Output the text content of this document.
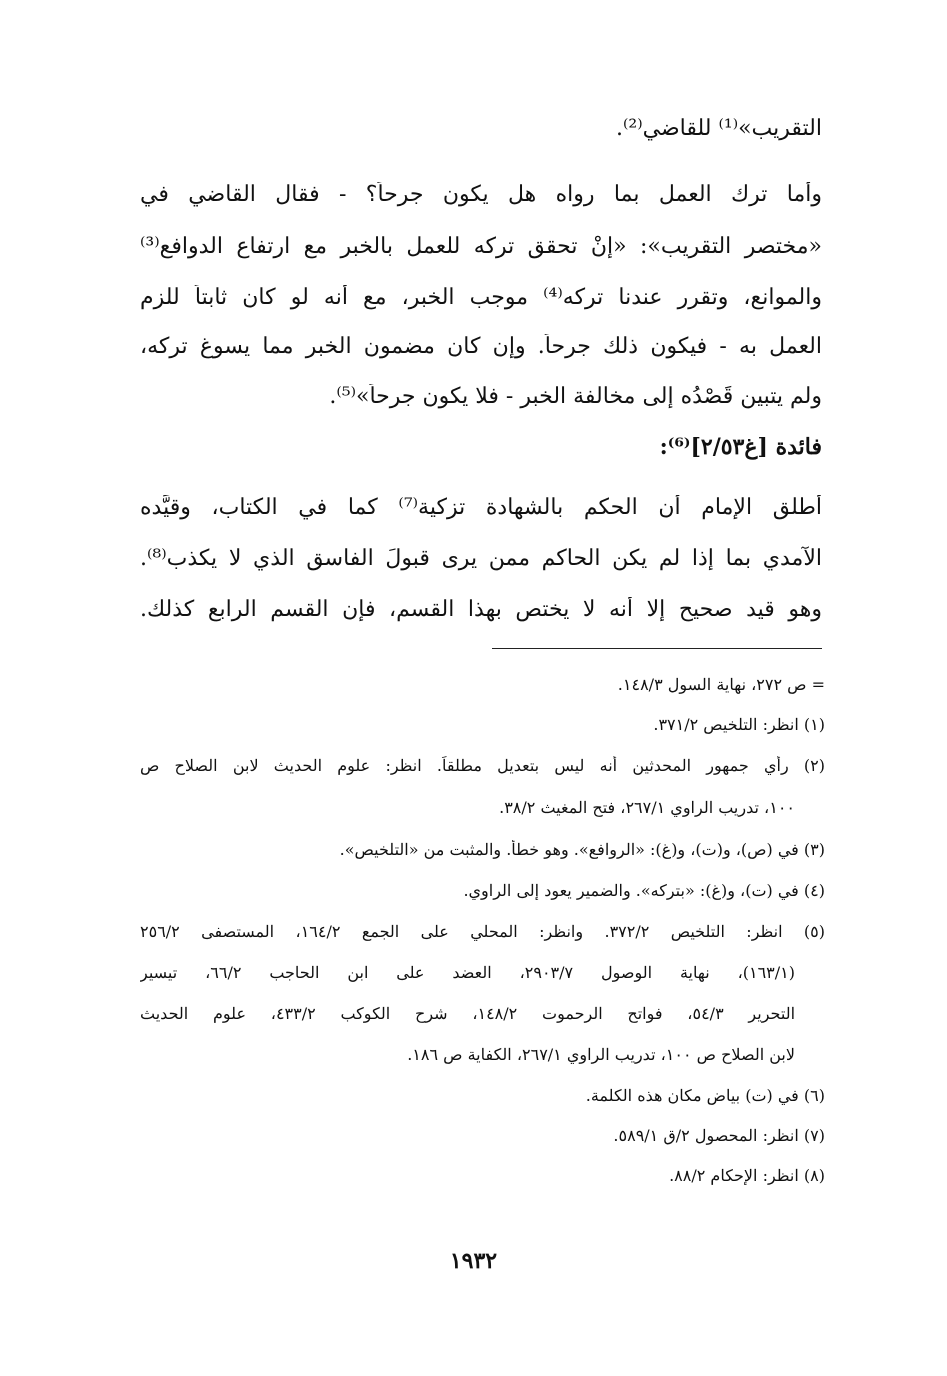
التقريب»⁽¹⁾ للقاضي⁽²⁾.
وأما ترك العمل بما رواه هل يكون جرحاً؟ - فقال القاضي في
«مختصر التقريب»: «إنْ تحقق تركه للعمل بالخبر مع ارتفاع الدوافع⁽³⁾
والموانع، وتقرر عندنا تركه⁽⁴⁾ موجب الخبر، مع أنه لو كان ثابتاً للزم
العمل به - فيكون ذلك جرحاً. وإن كان مضمون الخبر مما يسوغ تركه،
ولم يتبين قَصْدُه إلى مخالفة الخبر - فلا يكون جرحاً»⁽⁵⁾.
فائدة [غ٢/٥٣]⁽⁶⁾:
أطلق الإمام أن الحكم بالشهادة تزكية⁽⁷⁾ كما في الكتاب، وقيَّده
الآمدي بما إذا لم يكن الحاكم ممن يرى قبولَ الفاسقِ الذي لا يكذب⁽⁸⁾.
وهو قيد صحيح إلا أنه لا يختص بهذا القسم، فإن القسم الرابع كذلك.
= ص ٢٧٢، نهاية السول ١٤٨/٣.
(١) انظر: التلخيص ٣٧١/٢.
(٢) رأي جمهور المحدثين أنه ليس بتعديل مطلقاً. انظر: علوم الحديث لابن الصلاح ص
١٠٠، تدريب الراوي ٢٦٧/١، فتح المغيث ٣٨/٢.
(٣) في (ص)، و(ت)، و(غ): «الروافع». وهو خطأ. والمثبت من «التلخيص».
(٤) في (ت)، و(غ): «بتركه». والضمير يعود إلى الراوي.
(٥) انظر: التلخيص ٣٧٢/٢. وانظر: المحلي على الجمع ١٦٤/٢، المستصفى ٢٥٦/٢
(١٦٣/١)، نهاية الوصول ٢٩٠٣/٧، العضد على ابن الحاجب ٦٦/٢، تيسير
التحرير ٥٤/٣، فواتح الرحموت ١٤٨/٢، شرح الكوكب ٤٣٣/٢، علوم الحديث
لابن الصلاح ص ١٠٠، تدريب الراوي ٢٦٧/١، الكفاية ص ١٨٦.
(٦) في (ت) بياض مكان هذه الكلمة.
(٧) انظر: المحصول ٢/ق ٥٨٩/١.
(٨) انظر: الإحكام ٨٨/٢.
١٩٣٢
